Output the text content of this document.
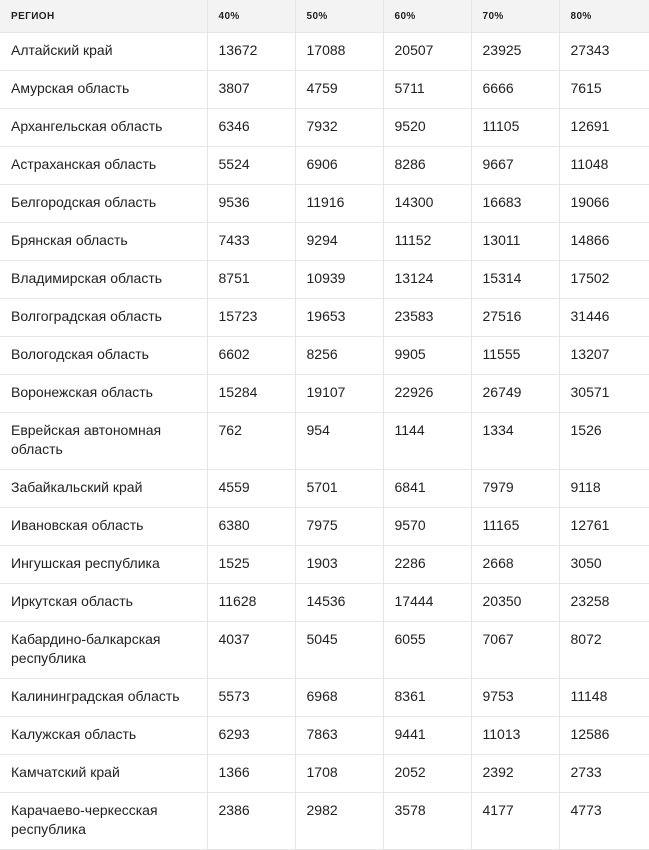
РЕГИОН	40%	50%	60%	70%	80%
Алтайский край	13672	17088	20507	23925	27343
Амурская область	3807	4759	5711	6666	7615
Архангельская область	6346	7932	9520	11105	12691
Астраханская область	5524	6906	8286	9667	11048
Белгородская область	9536	11916	14300	16683	19066
Брянская область	7433	9294	11152	13011	14866
Владимирская область	8751	10939	13124	15314	17502
Волгоградская область	15723	19653	23583	27516	31446
Вологодская область	6602	8256	9905	11555	13207
Воронежская область	15284	19107	22926	26749	30571
Еврейская автономная область	762	954	1144	1334	1526
Забайкальский край	4559	5701	6841	7979	9118
Ивановская область	6380	7975	9570	11165	12761
Ингушская республика	1525	1903	2286	2668	3050
Иркутская область	11628	14536	17444	20350	23258
Кабардино-балкарская республика	4037	5045	6055	7067	8072
Калининградская область	5573	6968	8361	9753	11148
Калужская область	6293	7863	9441	11013	12586
Камчатский край	1366	1708	2052	2392	2733
Карачаево-черкесская республика	2386	2982	3578	4177	4773
